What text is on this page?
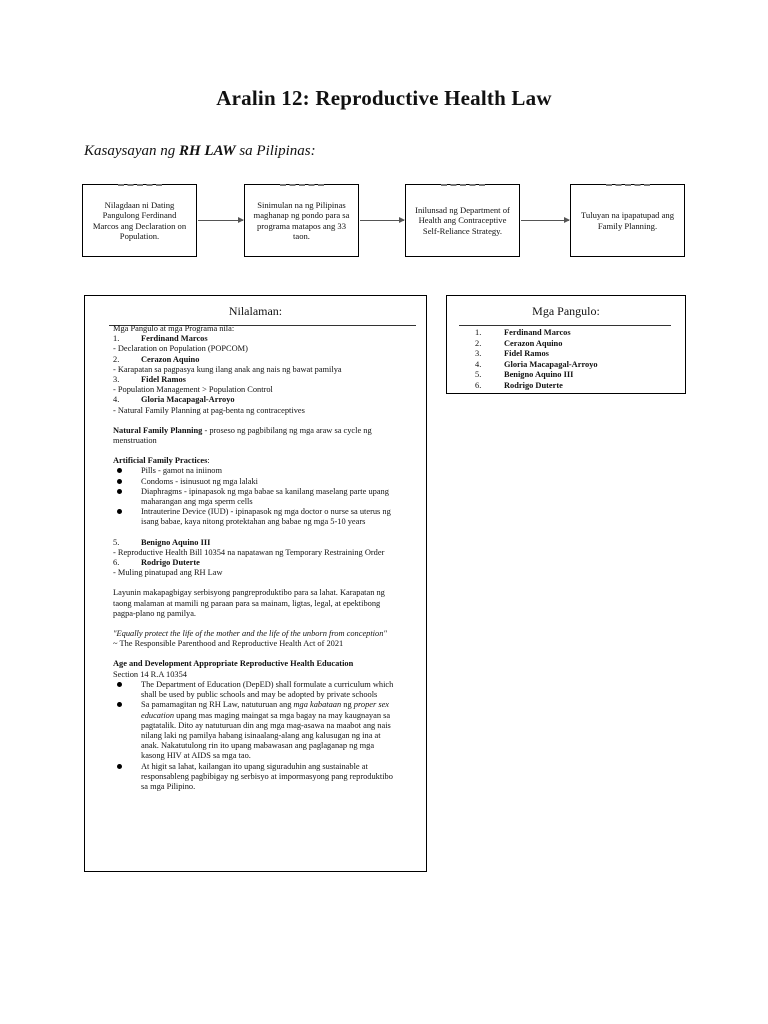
Aralin 12: Reproductive Health Law
Kasaysayan ng RH LAW sa Pilipinas:
Nilagdaan ni Dating Pangulong Ferdinand Marcos ang Declaration on Population.
Sinimulan na ng Pilipinas maghanap ng pondo para sa programa matapos ang 33 taon.
Inilunsad ng Department of Health ang Contraceptive Self-Reliance Strategy.
Tuluyan na ipapatupad ang Family Planning.
Nilalaman:

Mga Pangulo at mga Programa nila:

1.	Ferdinand Marcos

- Declaration on Population (POPCOM)

2.	Cerazon Aquino

- Karapatan sa pagpasya kung ilang anak ang nais ng bawat pamilya

3.	Fidel Ramos

- Population Management > Population Control

4.	Gloria Macapagal-Arroyo

- Natural Family Planning at pag-benta ng contraceptives

Natural Family Planning - proseso ng pagbibilang ng mga araw sa cycle ng menstruation

Artificial Family Practices:

Pills - gamot na iniinom
Condoms - isinusuot ng mga lalaki
Diaphragms - ipinapasok ng mga babae sa kanilang maselang parte upang maharangan ang mga sperm cells
Intrauterine Device (IUD) - ipinapasok ng mga doctor o nurse sa uterus ng isang babae, kaya nitong protektahan ang babae ng mga 5-10 years
5.	Benigno Aquino III

- Reproductive Health Bill 10354 na napatawan ng Temporary Restraining Order

6.	Rodrigo Duterte

- Muling pinatupad ang RH Law

Layunin makapagbigay serbisyong pangreproduktibo para sa lahat. Karapatan ng taong malaman at mamili ng paraan para sa mainam, ligtas, legal, at epektibong pagpa-plano ng pamilya.

"Equally protect the life of the mother and the life of the unborn from conception"

~ The Responsible Parenthood and Reproductive Health Act of 2021

Age and Development Appropriate Reproductive Health Education

Section 14 R.A 10354

The Department of Education (DepED) shall formulate a curriculum which shall be used by public schools and may be adopted by private schools
Sa pamamagitan ng RH Law, natuturuan ang mga kabataan ng proper sex education upang mas maging maingat sa mga bagay na may kaugnayan sa pagtatalik. Dito ay natuturuan din ang mga mag-asawa na maabot ang nais nilang laki ng pamilya habang isinaalang-alang ang kalusugan ng ina at anak. Nakatutulong rin ito upang mabawasan ang paglaganap ng mga kasong HIV at AIDS sa mga tao.
At higit sa lahat, kailangan ito upang siguraduhin ang sustainable at responsableng pagbibigay ng serbisyo at impormasyong pang reproduktibo sa mga Pilipino.
Mga Pangulo:
1.	Ferdinand Marcos
2.	Cerazon Aquino
3.	Fidel Ramos
4.	Gloria Macapagal-Arroyo
5.	Benigno Aquino III
6.	Rodrigo Duterte
